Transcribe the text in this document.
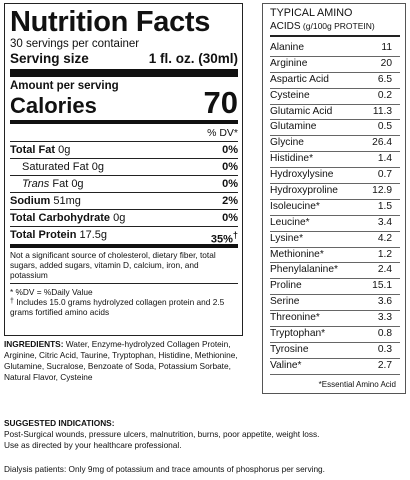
Nutrition Facts
30 servings per container
Serving size	1 fl. oz. (30ml)
Amount per serving
Calories	70
% DV*
Total Fat 0g	0%
Saturated Fat 0g	0%
Trans Fat 0g	0%
Sodium 51mg	2%
Total Carbohydrate 0g	0%
Total Protein 17.5g	35%†
Not a significant source of cholesterol, dietary fiber, total sugars, added sugars, vitamin D, calcium, iron, and potassium
* %DV = %Daily Value
† Includes 15.0 grams hydrolyzed collagen protein and 2.5 grams fortified amino acids
INGREDIENTS: Water, Enzyme-hydrolyzed Collagen Protein, Arginine, Citric Acid, Taurine, Tryptophan, Histidine, Methionine, Glutamine, Sucralose, Benzoate of Soda, Potassium Sorbate, Natural Flavor, Cysteine
TYPICAL AMINO
ACIDS (g/100g PROTEIN)
Alanine	11
Arginine	20
Aspartic Acid	6.5
Cysteine	0.2
Glutamic Acid	11.3
Glutamine	0.5
Glycine	26.4
Histidine*	1.4
Hydroxylysine	0.7
Hydroxyproline	12.9
Isoleucine*	1.5
Leucine*	3.4
Lysine*	4.2
Methionine*	1.2
Phenylalanine*	2.4
Proline	15.1
Serine	3.6
Threonine*	3.3
Tryptophan*	0.8
Tyrosine	0.3
Valine*	2.7
*Essential Amino Acid
SUGGESTED INDICATIONS:
Post-Surgical wounds, pressure ulcers, malnutrition, burns, poor appetite, weight loss.
Use as directed by your healthcare professional.
Dialysis patients: Only 9mg of potassium and trace amounts of phosphorus per serving.
